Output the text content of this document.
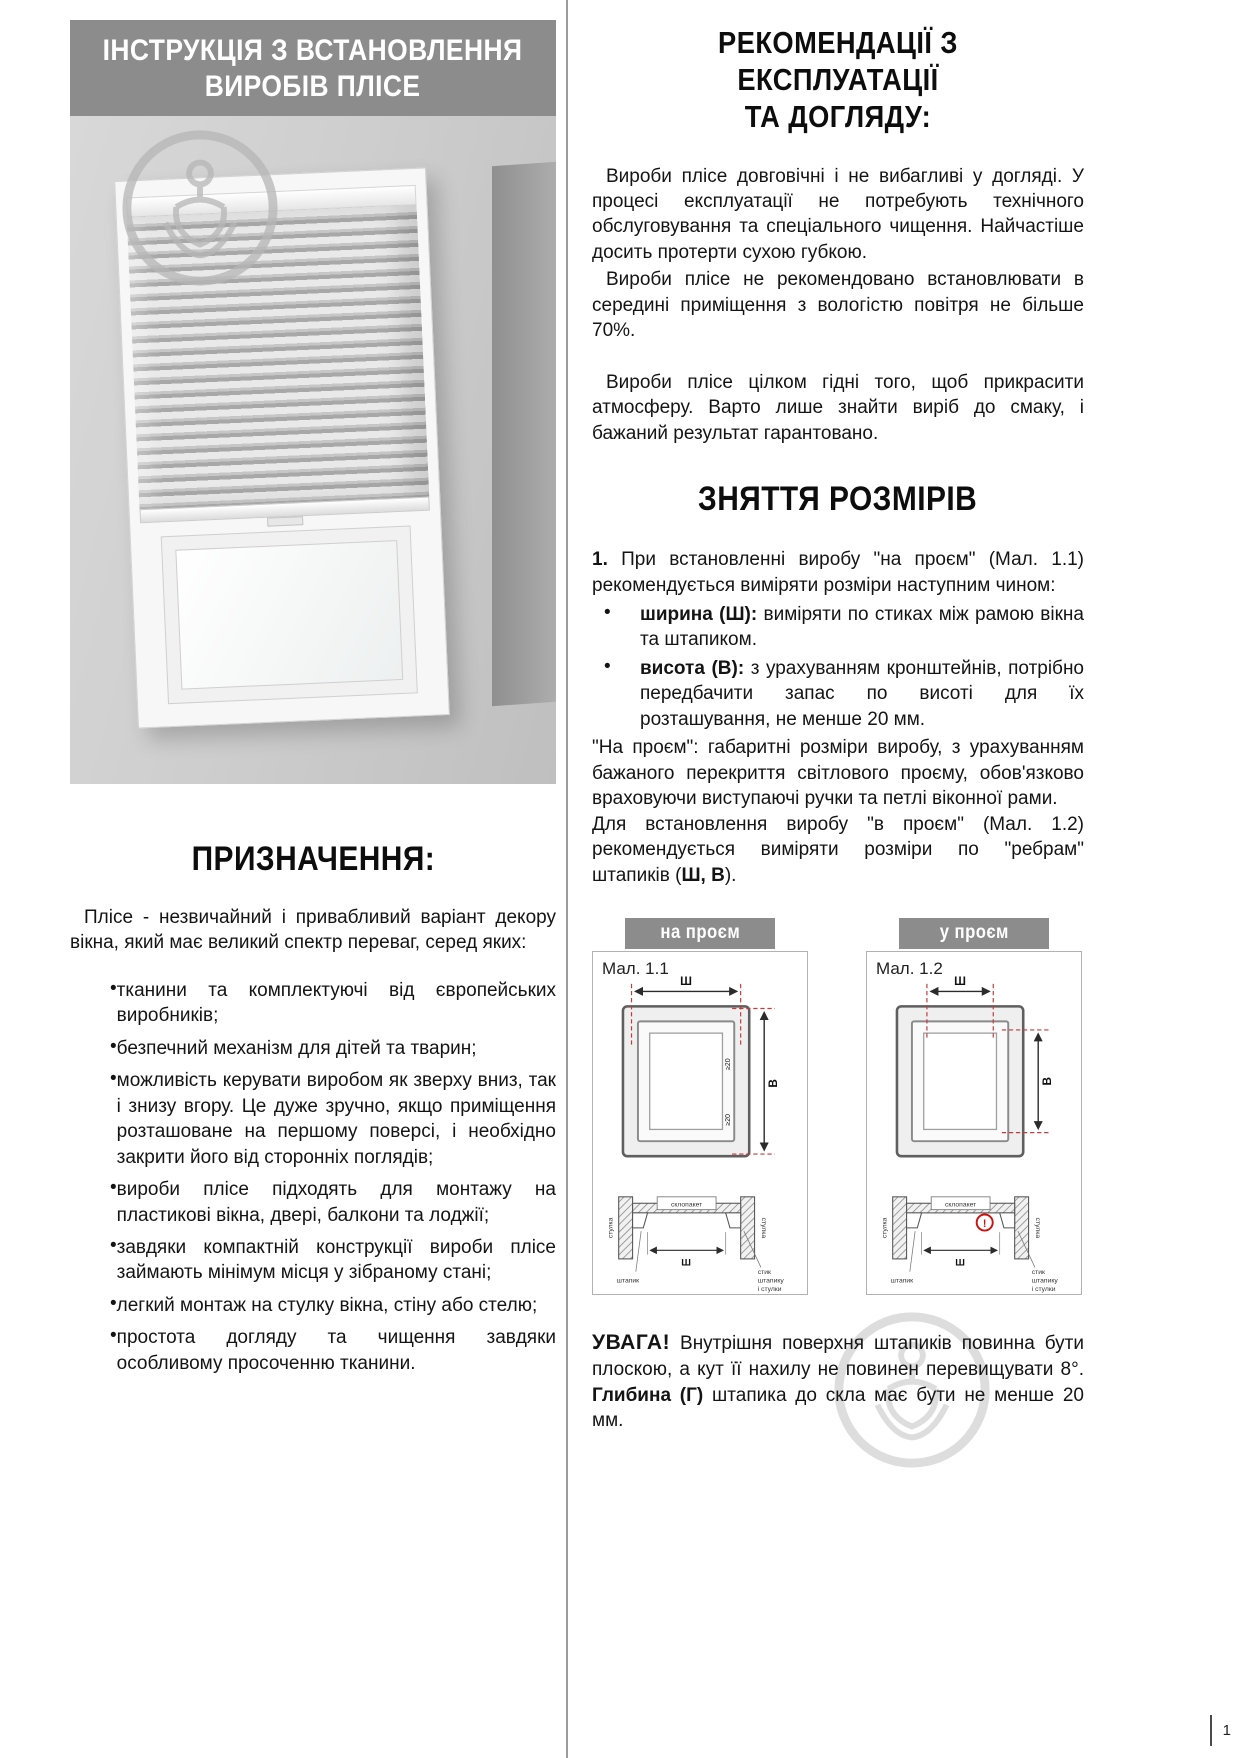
ІНСТРУКЦІЯ З ВСТАНОВЛЕННЯ
ВИРОБІВ ПЛІСЕ
ПРИЗНАЧЕННЯ:

Плісе - незвичайний і привабливий варіант декору вікна, який має великий спектр переваг, серед яких:

•
тканини та комплектуючі від європейських виробників;
•
безпечний механізм для дітей та тварин;
•
можливість керувати виробом як зверху вниз, так і знизу вгору. Це дуже зручно, якщо приміщення розташоване на першому поверсі, і необхідно закрити його від сторонніх поглядів;
•
вироби плісе підходять для монтажу на пластикові вікна, двері, балкони та лоджії;
•
завдяки компактній конструкції вироби плісе займають мінімум місця у зібраному стані;
•
легкий монтаж на стулку вікна, стіну або стелю;
•
простота догляду та чищення завдяки особливому просоченню тканини.
РЕКОМЕНДАЦІЇ З ЕКСПЛУАТАЦІЇ
ТА ДОГЛЯДУ:

Вироби плісе довговічні і не вибагливі у догляді. У процесі експлуатації не потребують технічного обслуговування та спеціального чищення. Найчастіше досить протерти сухою губкою.

Вироби плісе не рекомендовано встановлювати в середині приміщення з вологістю повітря не більше 70%.

Вироби плісе цілком гідні того, щоб прикрасити атмосферу. Варто лише знайти виріб до смаку, і бажаний результат гарантовано.

ЗНЯТТЯ РОЗМІРІВ

1. При встановленні виробу "на проєм" (Мал. 1.1) рекомендується виміряти розміри наступним чином:

•
ширина (Ш): виміряти по стиках між рамою вікна та штапиком.
•
висота (В): з урахуванням кронштейнів, потрібно передбачити запас по висоті для їх розташування, не менше 20 мм.

"На проєм": габаритні розміри виробу, з урахуванням бажаного перекриття світлового проєму, обов'язково враховуючи виступаючі ручки та петлі віконної рами.

Для встановлення виробу "в проєм" (Мал. 1.2) рекомендується виміряти розміри по "ребрам" штапиків (Ш, В).

на проєм
Мал. 1.1
Ш
В
≥20
≥20
склопакет
стулка	стулка
Ш
штапик
стик
штапику
і стулки
у проєм
Мал. 1.2
Ш
В
склопакет
!
стулка	стулка
Ш
штапик
стик
штапику
і стулки

УВАГА! Внутрішня поверхня штапиків повинна бути плоскою, а кут її нахилу не повинен перевищувати 8°. Глибина (Г) штапика до скла має бути не менше 20 мм.

1
